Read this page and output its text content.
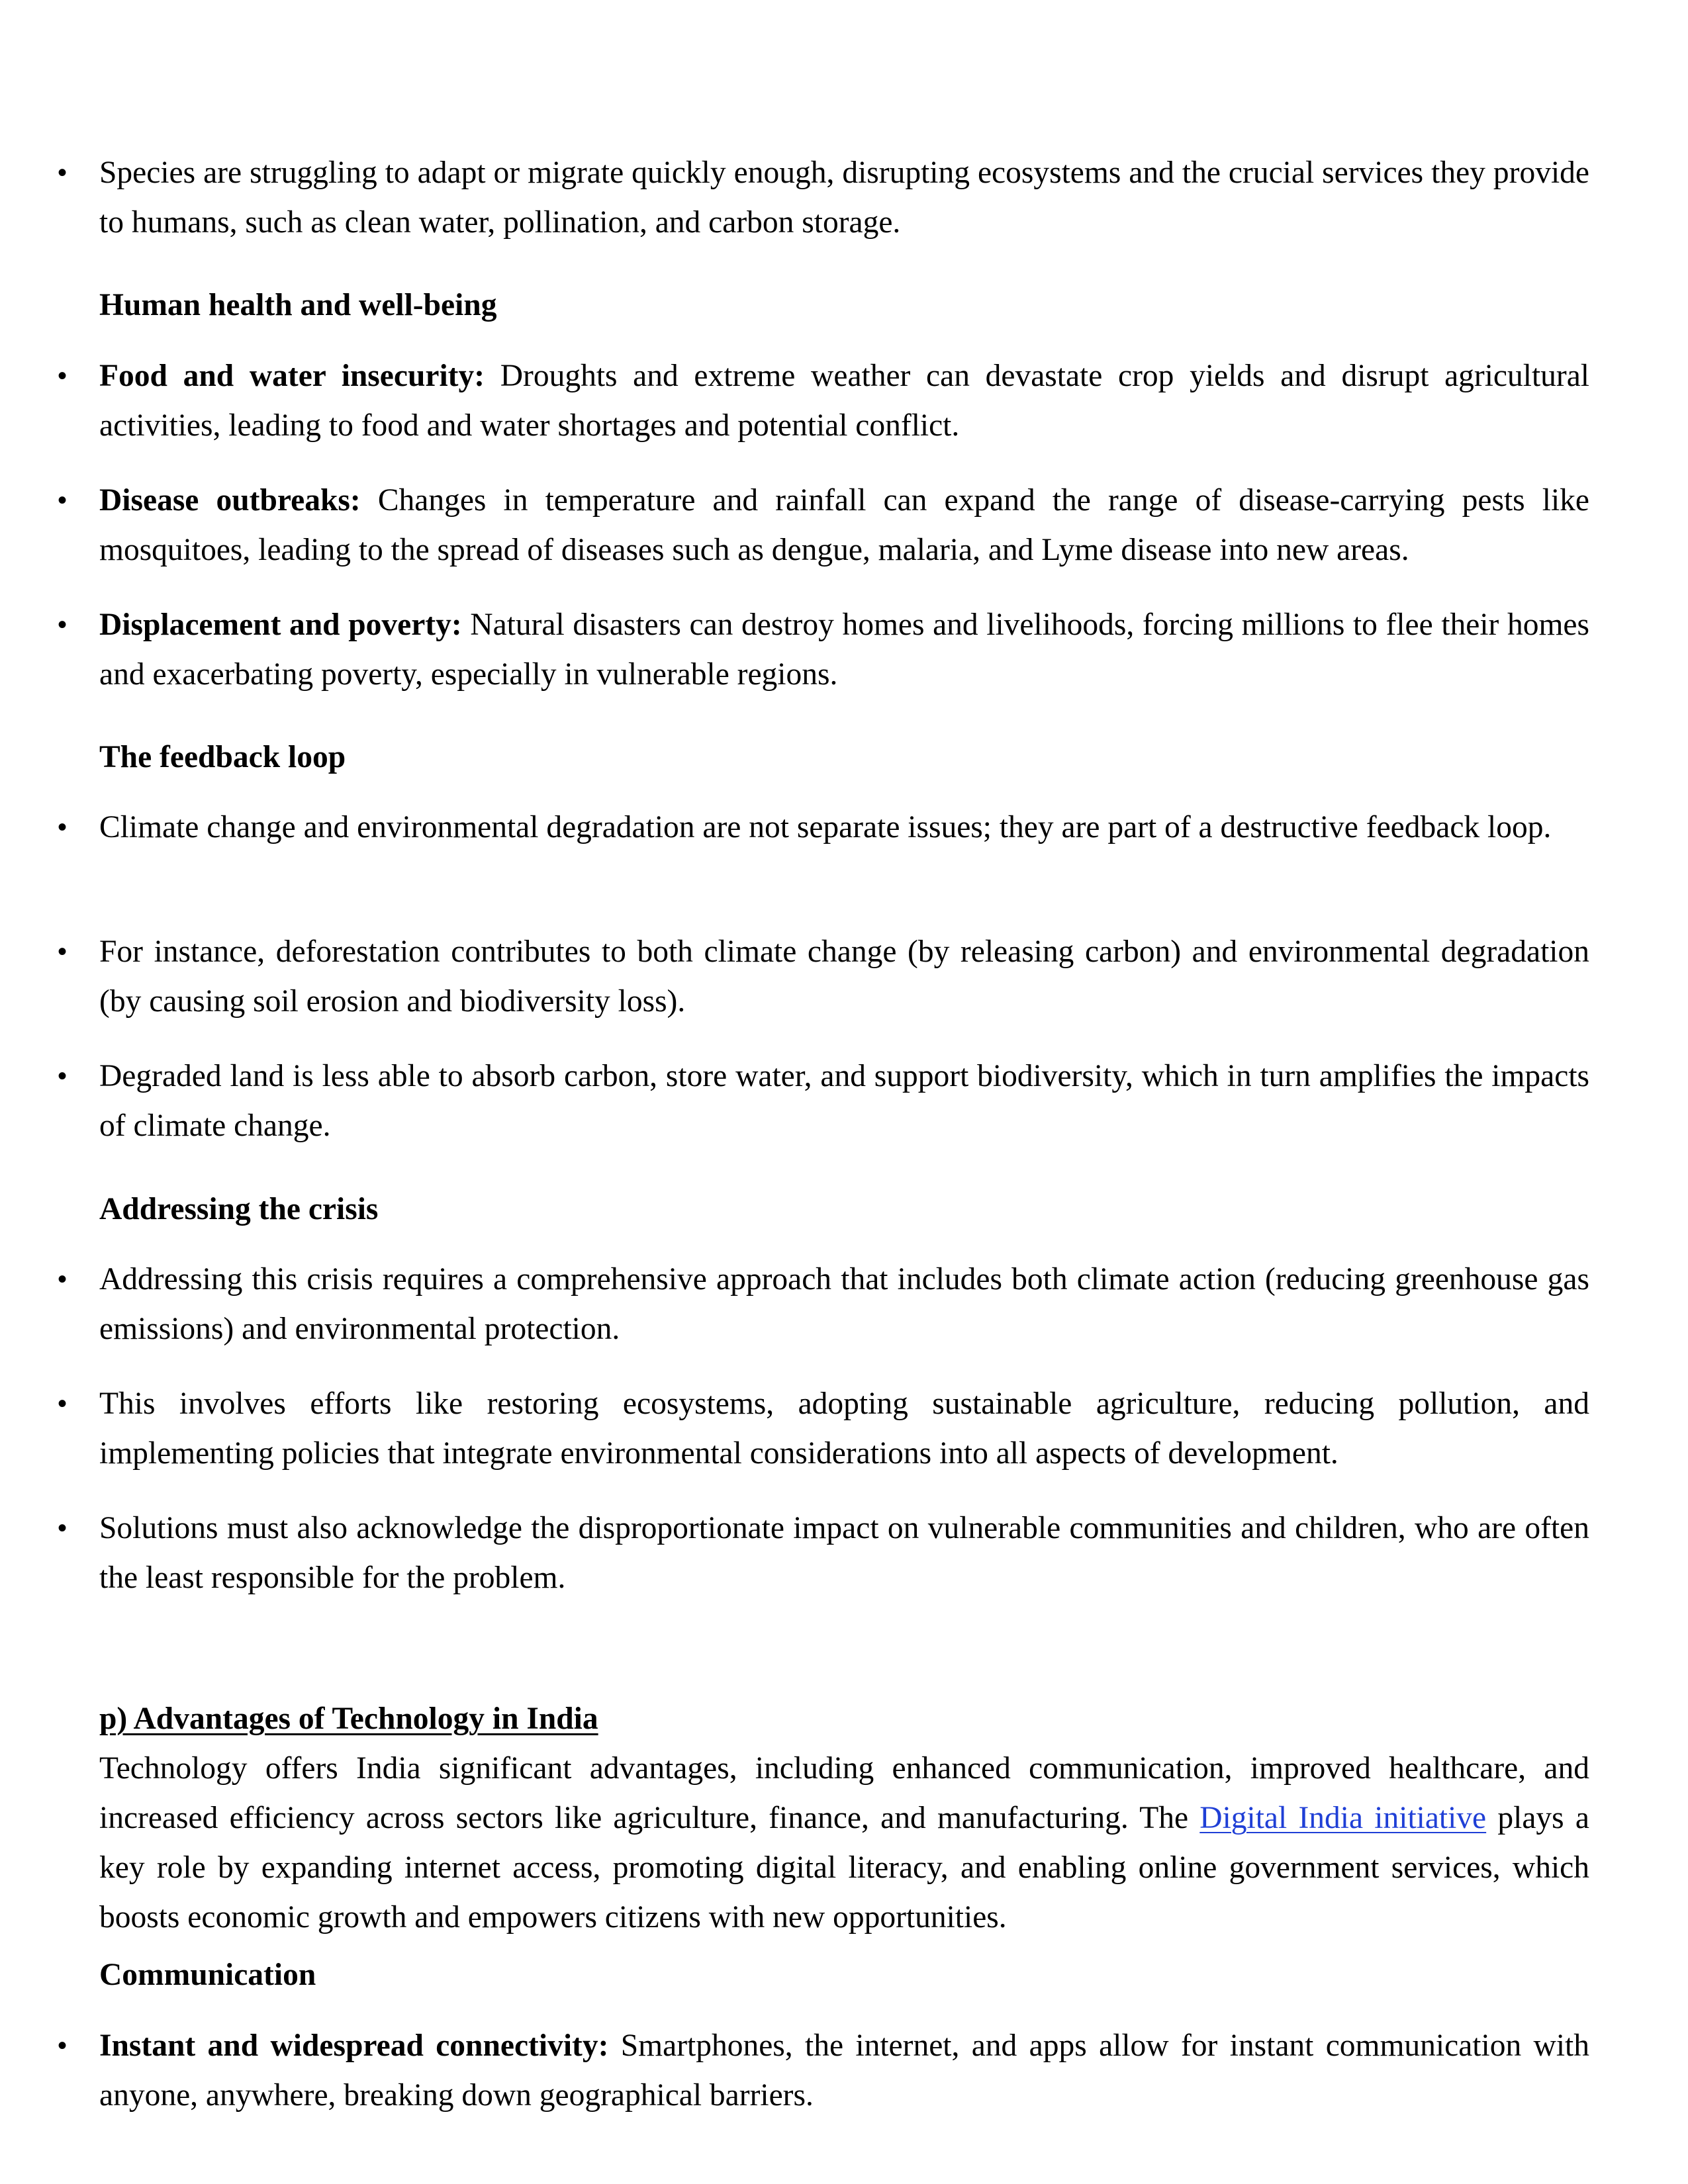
• Species are struggling to adapt or migrate quickly enough, disrupting ecosystems and the crucial services they provide to humans, such as clean water, pollination, and carbon storage.
Human health and well-being
• Food and water insecurity: Droughts and extreme weather can devastate crop yields and disrupt agricultural activities, leading to food and water shortages and potential conflict.
• Disease outbreaks: Changes in temperature and rainfall can expand the range of disease-carrying pests like mosquitoes, leading to the spread of diseases such as dengue, malaria, and Lyme disease into new areas.
• Displacement and poverty: Natural disasters can destroy homes and livelihoods, forcing millions to flee their homes and exacerbating poverty, especially in vulnerable regions.
The feedback loop
• Climate change and environmental degradation are not separate issues; they are part of a destructive feedback loop.
• For instance, deforestation contributes to both climate change (by releasing carbon) and environmental degradation (by causing soil erosion and biodiversity loss).
• Degraded land is less able to absorb carbon, store water, and support biodiversity, which in turn amplifies the impacts of climate change.
Addressing the crisis
• Addressing this crisis requires a comprehensive approach that includes both climate action (reducing greenhouse gas emissions) and environmental protection.
• This involves efforts like restoring ecosystems, adopting sustainable agriculture, reducing pollution, and implementing policies that integrate environmental considerations into all aspects of development.
• Solutions must also acknowledge the disproportionate impact on vulnerable communities and children, who are often the least responsible for the problem.
p) Advantages of Technology in India
Technology offers India significant advantages, including enhanced communication, improved healthcare, and increased efficiency across sectors like agriculture, finance, and manufacturing. The Digital India initiative plays a key role by expanding internet access, promoting digital literacy, and enabling online government services, which boosts economic growth and empowers citizens with new opportunities.
Communication
• Instant and widespread connectivity: Smartphones, the internet, and apps allow for instant communication with anyone, anywhere, breaking down geographical barriers.
